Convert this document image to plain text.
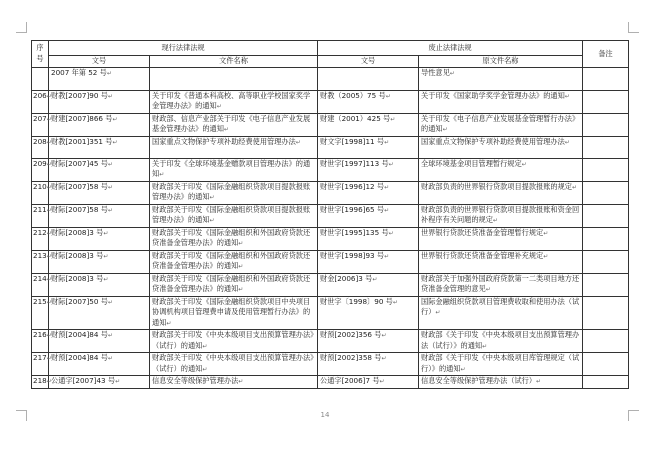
序号	现行法律法规		废止法律法规		备注
	文号	文件名称	文号	原文件名称	
	2007 年第 52 号↵			导性意见↵	
206↵	财教[2007]90 号↵	关于印发《普通本科高校、高等职业学校国家奖学金管理办法》的通知↵	财教（2005）75 号↵	关于印发《国家助学奖学金管理办法》的通知↵	
207↵	财建[2007]866 号↵	财政部、信息产业部关于印发《电子信息产业发展基金管理办法》的通知↵	财建（2001）425 号↵	关于印发《电子信息产业发展基金管理暂行办法》的通知↵	
208↵	财教[2001]351 号↵	国家重点文物保护专项补助经费使用管理办法↵	财文字[1998]11 号↵	国家重点文物保护专项补助经费使用管理办法↵	
209↵	财际[2007]45 号↵	关于印发《全球环境基金赠款项目管理办法》的通知↵	财世字[1997]113 号↵	全球环境基金项目管理暂行规定↵	
210↵	财际[2007]58 号↵	财政部关于印发《国际金融组织贷款项目提款报账管理办法》的通知↵	财世字[1996]12 号↵	财政部负责的世界银行贷款项目提款报账的规定↵	
211↵	财际[2007]58 号↵	财政部关于印发《国际金融组织贷款项目提款报账管理办法》的通知↵	财世字[1996]65 号↵	财政部负责的世界银行贷款项目提款报账和资金回补程序有关问题的规定↵	
212↵	财际[2008]3 号↵	财政部关于印发《国际金融组织和外国政府贷款还贷准备金管理办法》的通知↵	财世字[1995]135 号↵	世界银行贷款还贷准备金管理暂行规定↵	
213↵	财际[2008]3 号↵	财政部关于印发《国际金融组织和外国政府贷款还贷准备金管理办法》的通知↵	财世字[1998]93 号↵	世界银行贷款还贷准备金管理补充规定↵	
214↵	财际[2008]3 号↵	财政部关于印发《国际金融组织和外国政府贷款还贷准备金管理办法》的通知↵	财金[2006]3 号↵	财政部关于加强外国政府贷款第一二类项目地方还贷准备金管理的意见↵	
215↵	财际[2007]50 号↵	财政部关于印发《国际金融组织贷款项目中央项目协调机构项目管理费申请及使用管理暂行办法》的通知↵	财世字〔1998〕90 号↵	国际金融组织贷款项目管理费收取和使用办法（试行）↵	
216↵	财预[2004]84 号↵	财政部关于印发《中央本级项目支出预算管理办法》（试行）的通知↵	财预[2002]356 号↵	财政部《关于印发《中央本级项目支出预算管理办法（试行）》的通知↵	
217↵	财预[2004]84 号↵	财政部关于印发《中央本级项目支出预算管理办法》（试行）的通知↵	财预[2002]358 号↵	财政部《关于印发《中央本级项目库管理规定（试行）》的通知↵	
218↵	公通字[2007]43 号↵	信息安全等级保护管理办法↵	公通字[2006]7 号↵	信息安全等级保护管理办法（试行）↵	
14
